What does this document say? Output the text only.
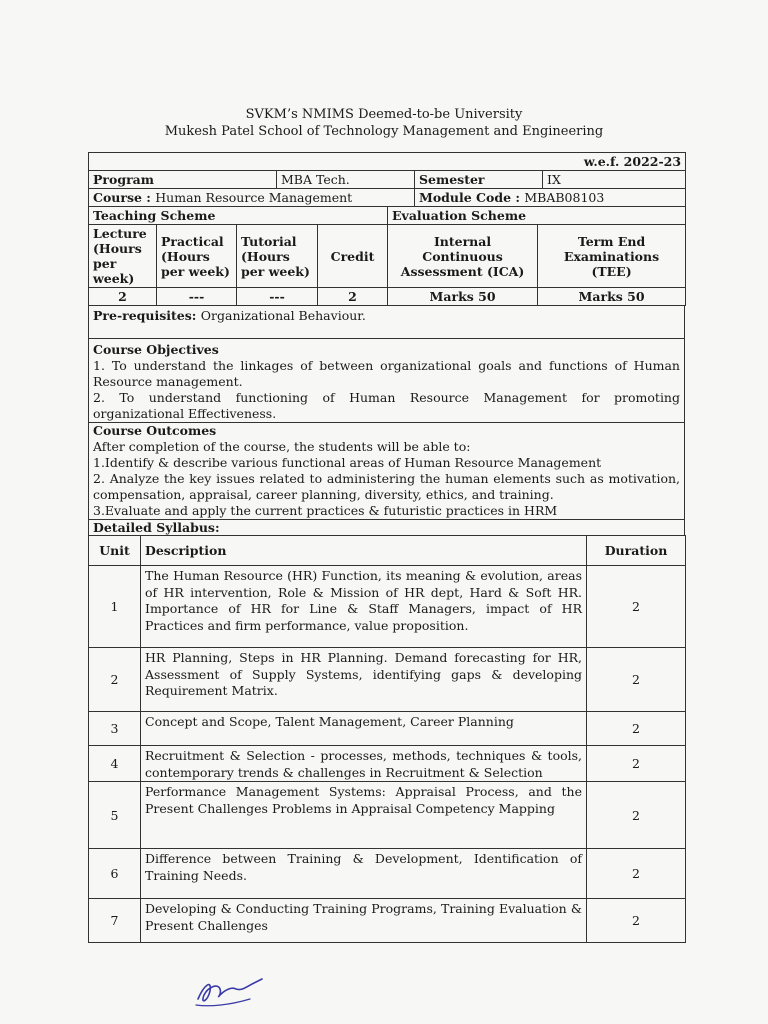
SVKM’s NMIMS Deemed-to-be University
Mukesh Patel School of Technology Management and Engineering
w.e.f. 2022-23			
Program	MBA Tech.	Semester	IX
Course : Human Resource Management		Module Code : MBAB08103	
Teaching Scheme				Evaluation Scheme	
Lecture (Hours per week)	Practical (Hours per week)	Tutorial (Hours per week)	Credit	Internal Continuous Assessment (ICA)	Term End Examinations (TEE)
2	---	---	2	Marks 50	Marks 50
Pre-requisites: Organizational Behaviour.

Course Objectives
1. To understand the linkages of between organizational goals and functions of Human Resource management.
2. To understand functioning of Human Resource Management for promoting organizational Effectiveness.

Course Outcomes
After completion of the course, the students will be able to:
1.Identify & describe various functional areas of Human Resource Management
2. Analyze the key issues related to administering the human elements such as motivation, compensation, appraisal, career planning, diversity, ethics, and training.
3.Evaluate and apply the current practices & futuristic practices in HRM

Detailed Syllabus:
Unit	Description	Duration
1	The Human Resource (HR) Function, its meaning & evolution, areas of HR intervention, Role & Mission of HR dept, Hard & Soft HR. Importance of HR for Line & Staff Managers, impact of HR Practices and firm performance, value proposition.	2
2	HR Planning, Steps in HR Planning. Demand forecasting for HR, Assessment of Supply Systems, identifying gaps & developing Requirement Matrix.	2
3	Concept and Scope, Talent Management, Career Planning	2
4	Recruitment & Selection - processes, methods, techniques & tools, contemporary trends & challenges in Recruitment & Selection	2
5	Performance Management Systems: Appraisal Process, and the Present Challenges Problems in Appraisal Competency Mapping	2
6	Difference between Training & Development, Identification of Training Needs.	2
7	Developing & Conducting Training Programs, Training Evaluation & Present Challenges	2
